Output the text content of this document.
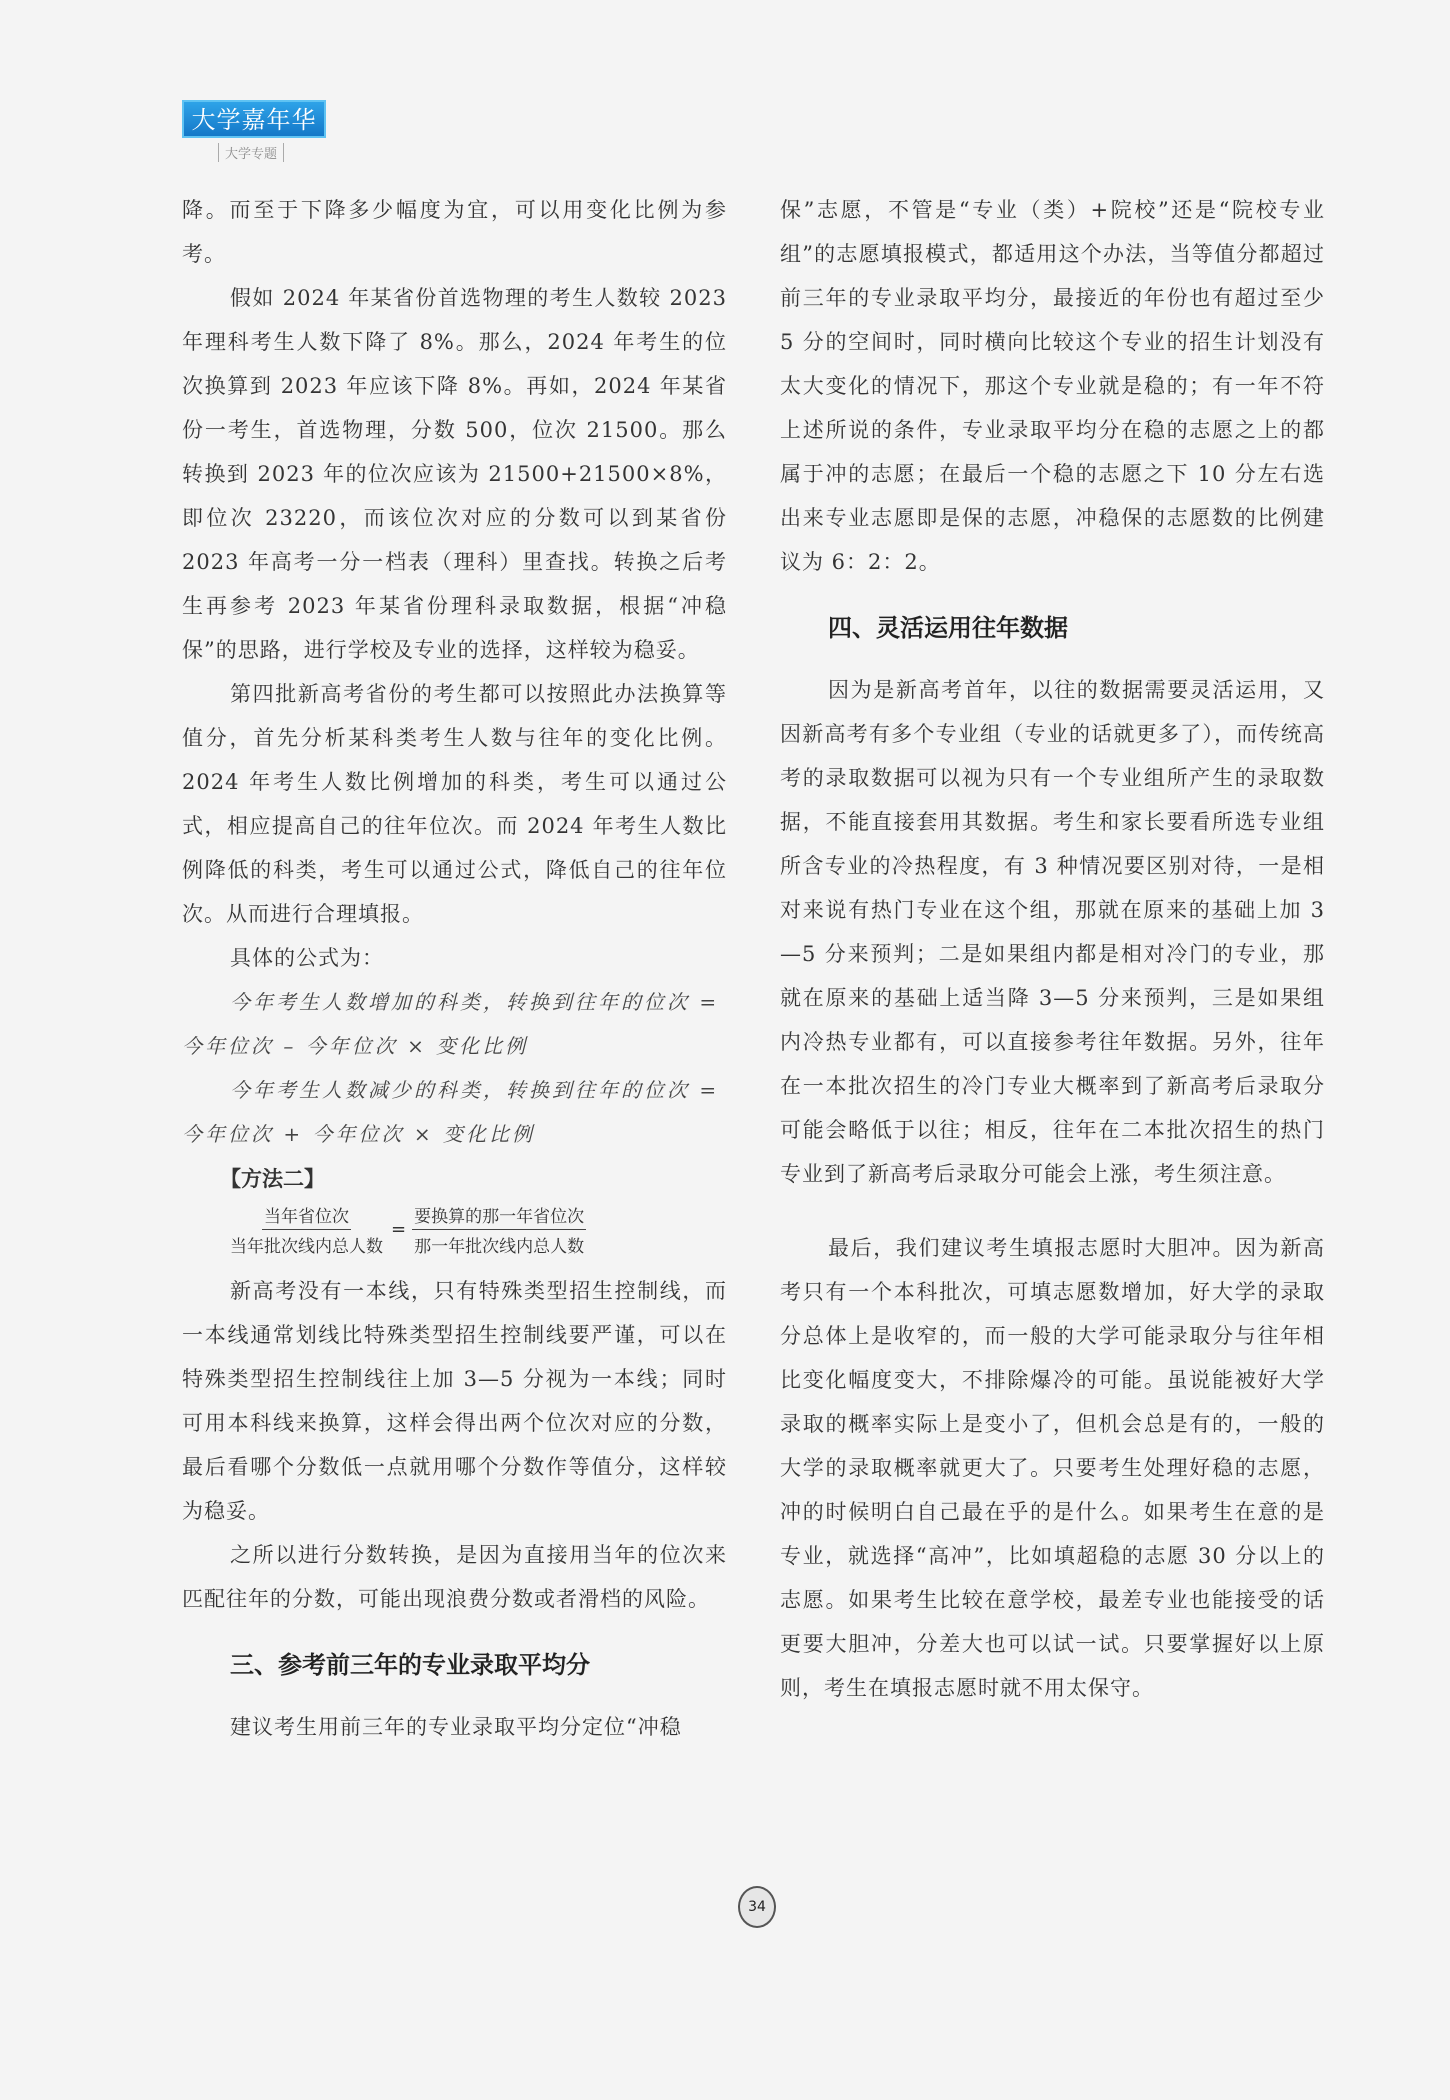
大学嘉年华
大学专题

降。而至于下降多少幅度为宜，可以用变化比例为参考。

假如 2024 年某省份首选物理的考生人数较 2023 年理科考生人数下降了 8%。那么，2024 年考生的位次换算到 2023 年应该下降 8%。再如，2024 年某省份一考生，首选物理，分数 500，位次 21500。那么转换到 2023 年的位次应该为 21500+21500×8%，即位次 23220，而该位次对应的分数可以到某省份 2023 年高考一分一档表（理科）里查找。转换之后考生再参考 2023 年某省份理科录取数据，根据“冲稳保”的思路，进行学校及专业的选择，这样较为稳妥。

第四批新高考省份的考生都可以按照此办法换算等值分，首先分析某科类考生人数与往年的变化比例。2024 年考生人数比例增加的科类，考生可以通过公式，相应提高自己的往年位次。而 2024 年考生人数比例降低的科类，考生可以通过公式，降低自己的往年位次。从而进行合理填报。

具体的公式为：

今年考生人数增加的科类，转换到往年的位次 = 今年位次 – 今年位次 × 变化比例

今年考生人数减少的科类，转换到往年的位次 = 今年位次 + 今年位次 × 变化比例

【方法二】
$\frac{\text{当年省位次}}{\text{当年批次线内总人数}} = \frac{\text{要换算的那一年省位次}}{\text{那一年批次线内总人数}}$

新高考没有一本线，只有特殊类型招生控制线，而一本线通常划线比特殊类型招生控制线要严谨，可以在特殊类型招生控制线往上加 3—5 分视为一本线；同时可用本科线来换算，这样会得出两个位次对应的分数，最后看哪个分数低一点就用哪个分数作等值分，这样较为稳妥。

之所以进行分数转换，是因为直接用当年的位次来匹配往年的分数，可能出现浪费分数或者滑档的风险。

三、参考前三年的专业录取平均分

建议考生用前三年的专业录取平均分定位“冲稳

保”志愿，不管是“专业（类）+院校”还是“院校专业组”的志愿填报模式，都适用这个办法，当等值分都超过前三年的专业录取平均分，最接近的年份也有超过至少 5 分的空间时，同时横向比较这个专业的招生计划没有太大变化的情况下，那这个专业就是稳的；有一年不符上述所说的条件，专业录取平均分在稳的志愿之上的都属于冲的志愿；在最后一个稳的志愿之下 10 分左右选出来专业志愿即是保的志愿，冲稳保的志愿数的比例建议为 6：2：2。

四、灵活运用往年数据

因为是新高考首年，以往的数据需要灵活运用，又因新高考有多个专业组（专业的话就更多了），而传统高考的录取数据可以视为只有一个专业组所产生的录取数据，不能直接套用其数据。考生和家长要看所选专业组所含专业的冷热程度，有 3 种情况要区别对待，一是相对来说有热门专业在这个组，那就在原来的基础上加 3—5 分来预判；二是如果组内都是相对冷门的专业，那就在原来的基础上适当降 3—5 分来预判，三是如果组内冷热专业都有，可以直接参考往年数据。另外，往年在一本批次招生的冷门专业大概率到了新高考后录取分可能会略低于以往；相反，往年在二本批次招生的热门专业到了新高考后录取分可能会上涨，考生须注意。

最后，我们建议考生填报志愿时大胆冲。因为新高考只有一个本科批次，可填志愿数增加，好大学的录取分总体上是收窄的，而一般的大学可能录取分与往年相比变化幅度变大，不排除爆冷的可能。虽说能被好大学录取的概率实际上是变小了，但机会总是有的，一般的大学的录取概率就更大了。只要考生处理好稳的志愿，冲的时候明白自己最在乎的是什么。如果考生在意的是专业，就选择“高冲”，比如填超稳的志愿 30 分以上的志愿。如果考生比较在意学校，最差专业也能接受的话更要大胆冲，分差大也可以试一试。只要掌握好以上原则，考生在填报志愿时就不用太保守。

34
